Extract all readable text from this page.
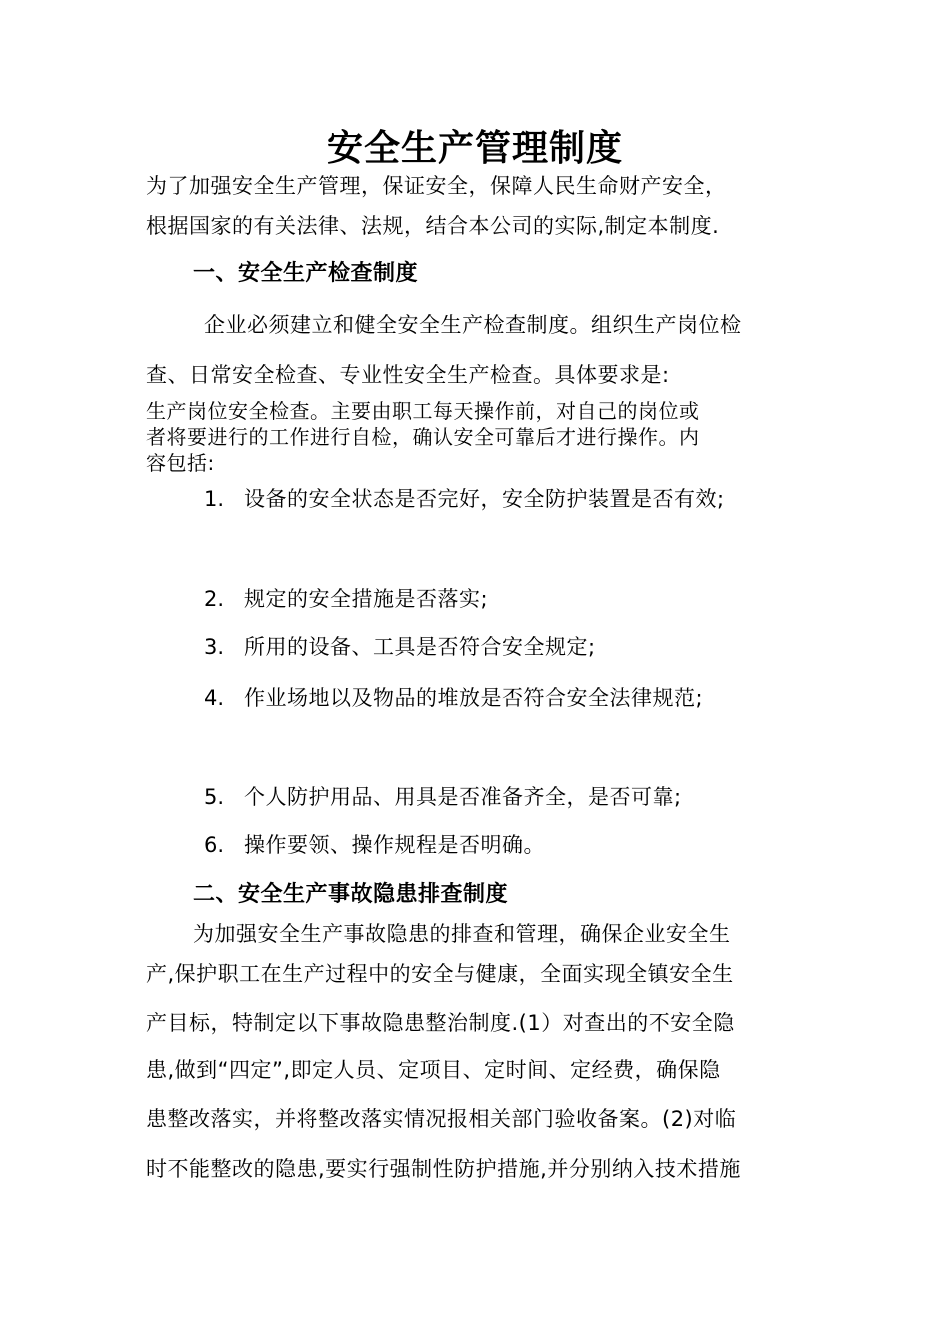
安全生产管理制度
为了加强安全生产管理，保证安全，保障人民生命财产安全，
根据国家的有关法律、法规，结合本公司的实际,制定本制度.
一、安全生产检查制度
企业必须建立和健全安全生产检查制度。组织生产岗位检
查、日常安全检查、专业性安全生产检查。具体要求是:
生产岗位安全检查。主要由职工每天操作前，对自己的岗位或
者将要进行的工作进行自检，确认安全可靠后才进行操作。内
容包括:
1. 设备的安全状态是否完好，安全防护装置是否有效;
2. 规定的安全措施是否落实;
3. 所用的设备、工具是否符合安全规定;
4. 作业场地以及物品的堆放是否符合安全法律规范;
5. 个人防护用品、用具是否准备齐全，是否可靠;
6. 操作要领、操作规程是否明确。
二、安全生产事故隐患排查制度
为加强安全生产事故隐患的排查和管理，确保企业安全生
产,保护职工在生产过程中的安全与健康，全面实现全镇安全生
产目标，特制定以下事故隐患整治制度.(1）对查出的不安全隐
患,做到“四定”,即定人员、定项目、定时间、定经费，确保隐
患整改落实，并将整改落实情况报相关部门验收备案。(2)对临
时不能整改的隐患,要实行强制性防护措施,并分别纳入技术措施
